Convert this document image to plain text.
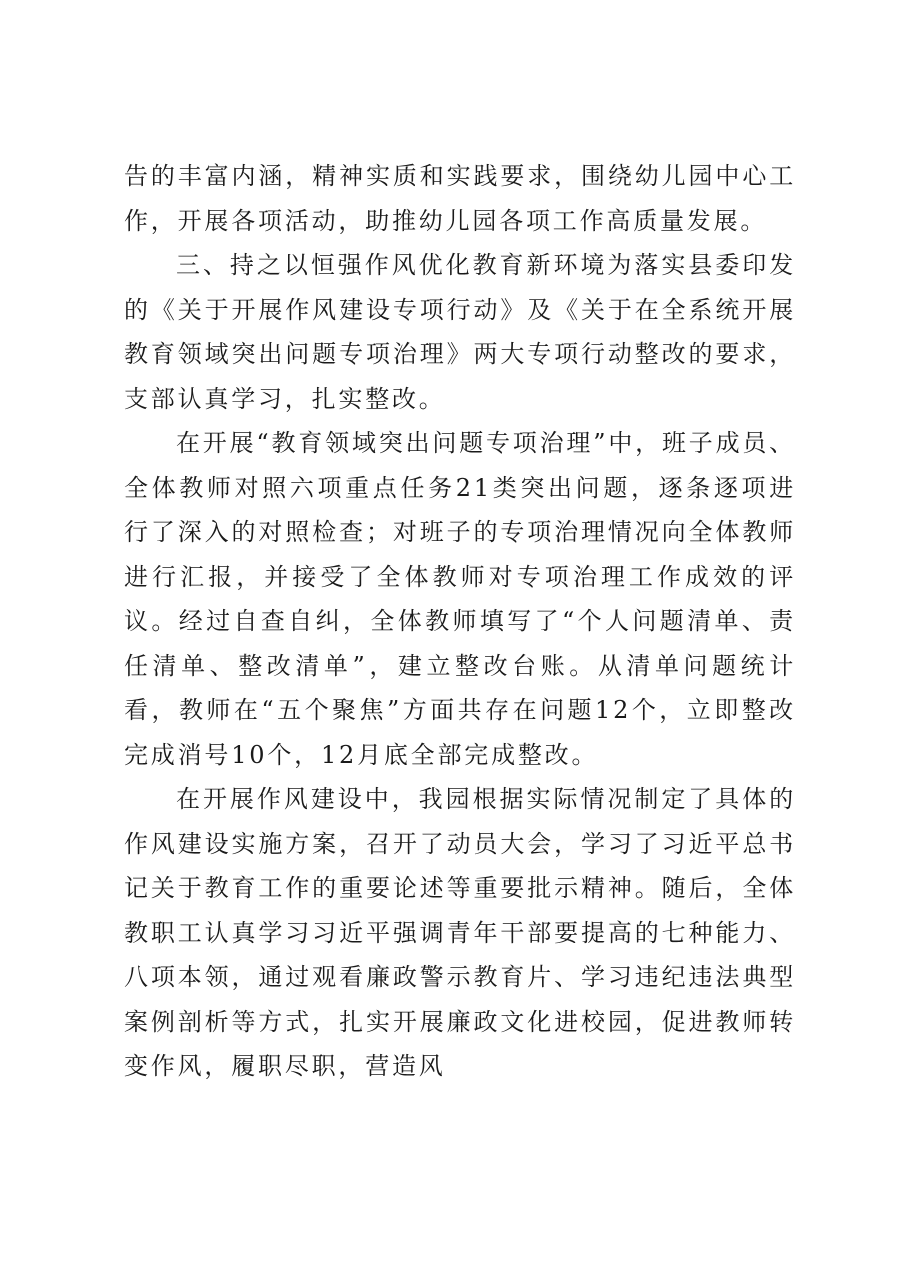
告的丰富内涵，精神实质和实践要求，围绕幼儿园中心工作，开展各项活动，助推幼儿园各项工作高质量发展。

三、持之以恒强作风优化教育新环境为落实县委印发的《关于开展作风建设专项行动》及《关于在全系统开展教育领域突出问题专项治理》两大专项行动整改的要求，支部认真学习，扎实整改。

在开展“教育领域突出问题专项治理”中，班子成员、全体教师对照六项重点任务21类突出问题，逐条逐项进行了深入的对照检查；对班子的专项治理情况向全体教师进行汇报，并接受了全体教师对专项治理工作成效的评议。经过自查自纠，全体教师填写了“个人问题清单、责任清单、整改清单”，建立整改台账。从清单问题统计看，教师在“五个聚焦”方面共存在问题12个，立即整改完成消号10个，12月底全部完成整改。

在开展作风建设中，我园根据实际情况制定了具体的作风建设实施方案，召开了动员大会，学习了习近平总书记关于教育工作的重要论述等重要批示精神。随后，全体教职工认真学习习近平强调青年干部要提高的七种能力、八项本领，通过观看廉政警示教育片、学习违纪违法典型案例剖析等方式，扎实开展廉政文化进校园，促进教师转变作风，履职尽职，营造风
